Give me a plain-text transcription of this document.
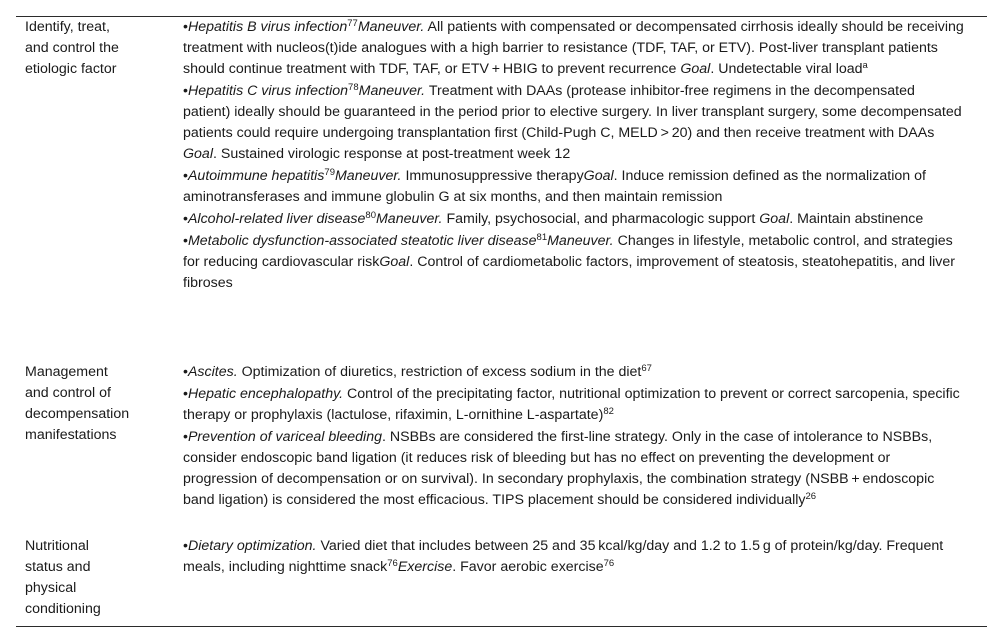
Identify, treat,
and control the
etiologic factor
•Hepatitis B virus infection$^{77}$Maneuver. All patients with compensated or decompensated cirrhosis ideally should be receiving treatment with nucleos(t)ide analogues with a high barrier to resistance (TDF, TAF, or ETV). Post-liver transplant patients should continue treatment with TDF, TAF, or ETV + HBIG to prevent recurrence Goal. Undetectable viral load$^a$
•Hepatitis C virus infection$^{78}$Maneuver. Treatment with DAAs (protease inhibitor-free regimens in the decompensated patient) ideally should be guaranteed in the period prior to elective surgery. In liver transplant surgery, some decompensated patients could require undergoing transplantation first (Child-Pugh C, MELD > 20) and then receive treatment with DAAs Goal. Sustained virologic response at post-treatment week 12
•Autoimmune hepatitis$^{79}$Maneuver. Immunosuppressive therapyGoal. Induce remission defined as the normalization of aminotransferases and immune globulin G at six months, and then maintain remission
•Alcohol-related liver disease$^{80}$Maneuver. Family, psychosocial, and pharmacologic support Goal. Maintain abstinence
•Metabolic dysfunction-associated steatotic liver disease$^{81}$Maneuver. Changes in lifestyle, metabolic control, and strategies for reducing cardiovascular riskGoal. Control of cardiometabolic factors, improvement of steatosis, steatohepatitis, and liver fibroses
Management
and control of
decompensation
manifestations
•Ascites. Optimization of diuretics, restriction of excess sodium in the diet$^{67}$
•Hepatic encephalopathy. Control of the precipitating factor, nutritional optimization to prevent or correct sarcopenia, specific therapy or prophylaxis (lactulose, rifaximin, L-ornithine L-aspartate)$^{82}$
•Prevention of variceal bleeding. NSBBs are considered the first-line strategy. Only in the case of intolerance to NSBBs, consider endoscopic band ligation (it reduces risk of bleeding but has no effect on preventing the development or progression of decompensation or on survival). In secondary prophylaxis, the combination strategy (NSBB + endoscopic band ligation) is considered the most efficacious. TIPS placement should be considered individually$^{26}$
Nutritional
status and
physical
conditioning
•Dietary optimization. Varied diet that includes between 25 and 35 kcal/kg/day and 1.2 to 1.5 g of protein/kg/day. Frequent meals, including nighttime snack$^{76}$Exercise. Favor aerobic exercise$^{76}$
